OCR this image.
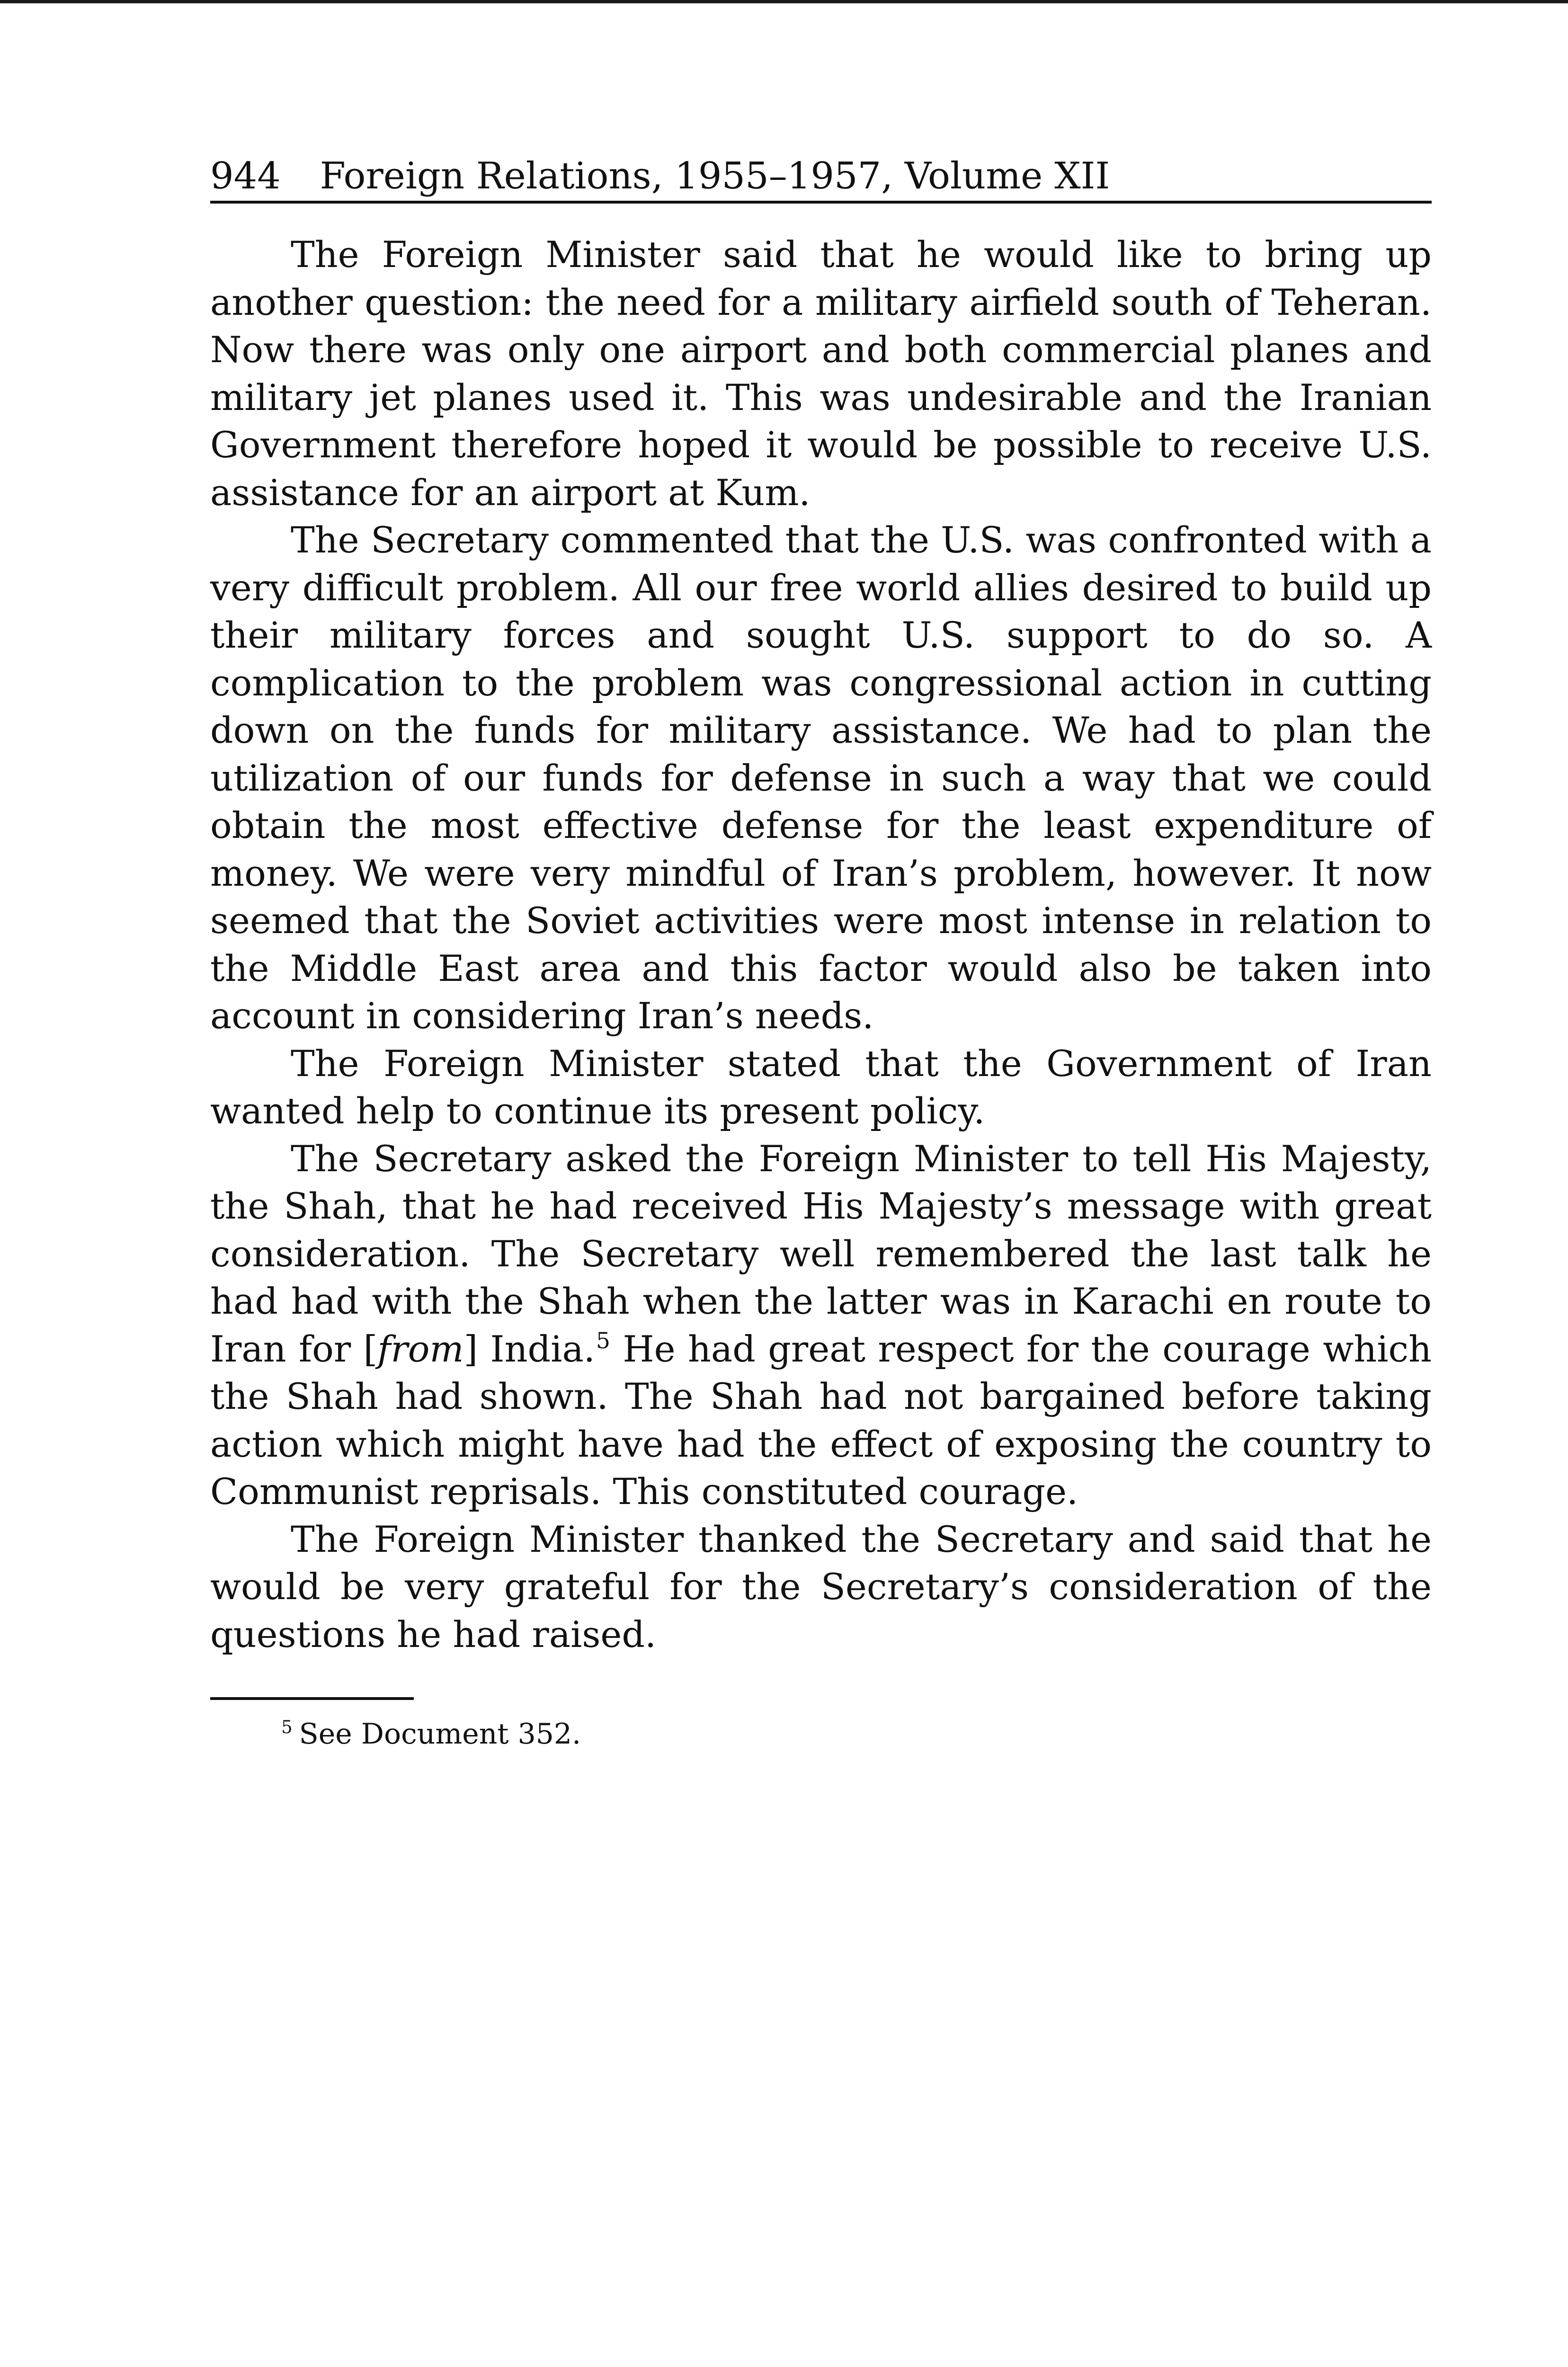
944 Foreign Relations, 1955–1957, Volume XII

The Foreign Minister said that he would like to bring up another question: the need for a military airfield south of Teheran. Now there was only one airport and both commercial planes and military jet planes used it. This was undesirable and the Iranian Government therefore hoped it would be possible to receive U.S. assistance for an airport at Kum.

The Secretary commented that the U.S. was confronted with a very difficult problem. All our free world allies desired to build up their military forces and sought U.S. support to do so. A complication to the problem was congressional action in cutting down on the funds for military assistance. We had to plan the utilization of our funds for defense in such a way that we could obtain the most effective defense for the least expenditure of money. We were very mindful of Iran’s problem, however. It now seemed that the Soviet activities were most intense in relation to the Middle East area and this factor would also be taken into account in considering Iran’s needs.

The Foreign Minister stated that the Government of Iran wanted help to continue its present policy.

The Secretary asked the Foreign Minister to tell His Majesty, the Shah, that he had received His Majesty’s message with great consideration. The Secretary well remembered the last talk he had had with the Shah when the latter was in Karachi en route to Iran for [from] India.$^5$ He had great respect for the courage which the Shah had shown. The Shah had not bargained before taking action which might have had the effect of exposing the country to Communist reprisals. This constituted courage.

The Foreign Minister thanked the Secretary and said that he would be very grateful for the Secretary’s consideration of the questions he had raised.

$^5$ See Document 352.
